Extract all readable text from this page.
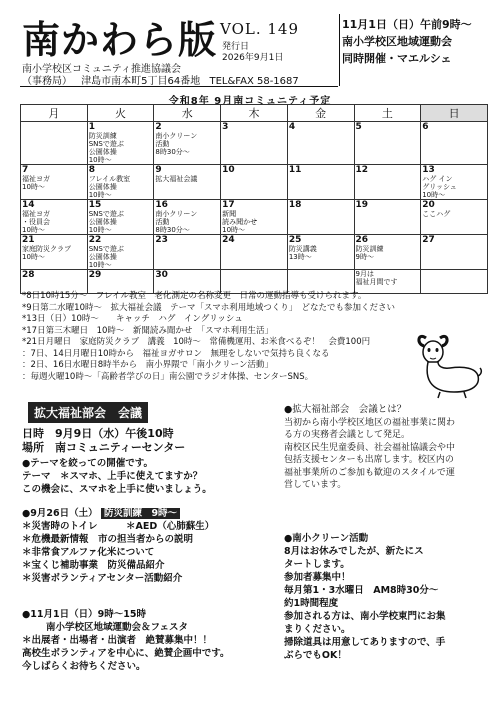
南かわら版 VOL. 149
発行日
2026年9月1日
南小学校区コミュニティ推進協議会
（事務局） 津島市南本町5丁目64番地 TEL&FAX 58-1687
11月1日（日）午前9時～
南小学校区地域運動会
同時開催・マエルシェ
令和8年 9月南コミュニティ予定
月	火	水	木	金	土	日

	1
防災訓練
SNSで遊ぶ
公園体操
10時～	2
南小クリーン
活動
8時30分～	3	4	5	6

7
福祉ヨガ
10時～	8
フレイル教室
公園体操
10時～	9
拡大福祉会議	10	11	12	13
ハグ イン
グリッシュ
10時～

14
福祉ヨガ
・役員会
10時～	15
SNSで遊ぶ
公園体操
10時～	16
南小クリーン
活動
8時30分～	17
新聞
読み聞かせ
10時～	18	19	20
ここハグ

21
家庭防災クラブ
10時～	22
SNSで遊ぶ
公園体操
10時～	23	24	25
防災講義
13時～	26
防災訓練
9時～	27

28	29	30			9月は
福祉月間です	

*8日10時15分～　フレイル教室　老化測定の名称変更　日常の運動指導も受けられます。
*9日第二水曜10時～　拡大福祉会議　テーマ「スマホ利用地域つくり」　どなたでも参加ください
*13日（日）10時～　　キャッチ　ハグ　イングリッシュ
*17日第三木曜日　10時～　新聞読み聞かせ　「スマホ利用生活」
*21日月曜日　家庭防災クラブ　講義　10時～　常備機運用、お米食べるぞ！　会費100円
：7日、14日月曜日10時から　福祉ヨガサロン　無理をしないで気持ち良くなる
：2日、16日水曜日8時半から　南小界隈で「南小クリーン活動」
：毎週火曜10時～「高齢者学びの日」南公園でラジオ体操、センターSNS。
拡大福祉部会　会議
日時　9月9日（水）午後10時
場所　南コミュニティーセンター
●テーマを絞っての開催です。
テーマ　＊スマホ、上手に使えてますか？
この機会に、スマホを上手に使いましょう。
●9月26日（土） 防災訓練　9時～
＊災害時のトイレ　　　＊AED（心肺蘇生）
＊危機最新情報　市の担当者からの説明
＊非常食アルファ化米について
＊宝くじ補助事業　防災備品紹介
＊災害ボランティアセンター活動紹介
●11月1日（日）9時～15時
南小学校区地域運動会＆フェスタ
＊出展者・出場者・出演者　絶賛募集中！！
高校生ボランティアを中心に、絶賛企画中です。
今しばらくお待ちください。
●拡大福祉部会　会議とは？
当初から南小学校区地区の福祉事業に関わ
る方の実務者会議として発足。
南校区民生児童委員、社会福祉協議会や中
包括支援センターも出席します。校区内の
福祉事業所のご参加も歓迎のスタイルで運
営しています。
●南小クリーン活動
8月はお休みでしたが、新たにス
タートします。
参加者募集中！
毎月第1・3水曜日　AM8時30分～
約1時間程度
参加される方は、南小学校東門にお集
まりください。
掃除道具は用意してありますので、手
ぶらでもOK！
